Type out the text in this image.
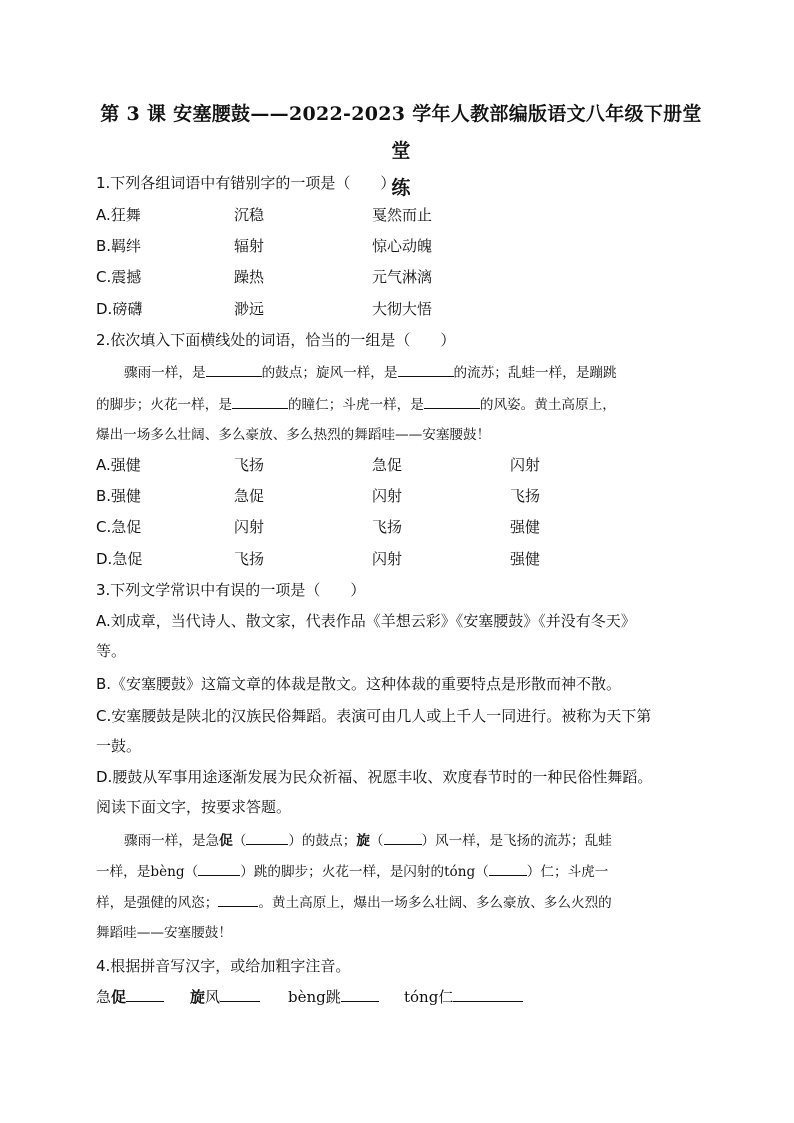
第 3 课 安塞腰鼓——2022-2023 学年人教部编版语文八年级下册堂堂
练
1.下列各组词语中有错别字的一项是（　　）
A.狂舞	沉稳	戛然而止
B.羁绊	辐射	惊心动魄
C.震撼	躁热	元气淋漓
D.磅礴	渺远	大彻大悟
2.依次填入下面横线处的词语，恰当的一组是（　　）
骤雨一样，是	的鼓点；旋风一样，是	的流苏；乱蛙一样，是蹦跳
的脚步；火花一样，是	的瞳仁；斗虎一样，是	的风姿。黄土高原上，
爆出一场多么壮阔、多么豪放、多么热烈的舞蹈哇——安塞腰鼓！
A.强健	飞扬	急促	闪射
B.强健	急促	闪射	飞扬
C.急促	闪射	飞扬	强健
D.急促	飞扬	闪射	强健
3.下列文学常识中有误的一项是（　　）
A.刘成章，当代诗人、散文家，代表作品《羊想云彩》《安塞腰鼓》《并没有冬天》
等。
B.《安塞腰鼓》这篇文章的体裁是散文。这种体裁的重要特点是形散而神不散。
C.安塞腰鼓是陕北的汉族民俗舞蹈。表演可由几人或上千人一同进行。被称为天下第
一鼓。
D.腰鼓从军事用途逐渐发展为民众祈福、祝愿丰收、欢度春节时的一种民俗性舞蹈。
阅读下面文字，按要求答题。
骤雨一样，是急促（	）的鼓点；旋（	）风一样，是飞扬的流苏；乱蛙
一样，是bèng（	）跳的脚步；火花一样，是闪射的tóng（	）仁；斗虎一
样，是强健的风恣；	。黄土高原上，爆出一场多么壮阔、多么豪放、多么火烈的
舞蹈哇——安塞腰鼓！
4.根据拼音写汉字，或给加粗字注音。
急促	旋风	bèng跳	tóng仁
